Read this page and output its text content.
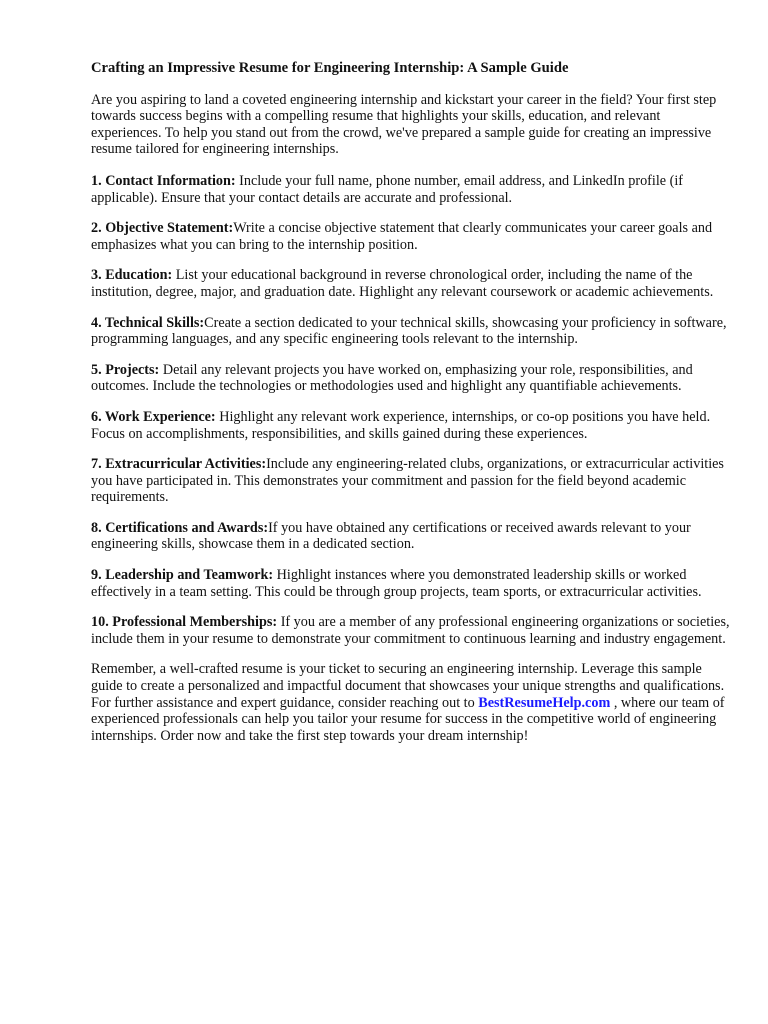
Crafting an Impressive Resume for Engineering Internship: A Sample Guide
Are you aspiring to land a coveted engineering internship and kickstart your career in the field? Your first step towards success begins with a compelling resume that highlights your skills, education, and relevant experiences. To help you stand out from the crowd, we've prepared a sample guide for creating an impressive resume tailored for engineering internships.
1. Contact Information: Include your full name, phone number, email address, and LinkedIn profile (if applicable). Ensure that your contact details are accurate and professional.
2. Objective Statement:Write a concise objective statement that clearly communicates your career goals and emphasizes what you can bring to the internship position.
3. Education: List your educational background in reverse chronological order, including the name of the institution, degree, major, and graduation date. Highlight any relevant coursework or academic achievements.
4. Technical Skills:Create a section dedicated to your technical skills, showcasing your proficiency in software, programming languages, and any specific engineering tools relevant to the internship.
5. Projects: Detail any relevant projects you have worked on, emphasizing your role, responsibilities, and outcomes. Include the technologies or methodologies used and highlight any quantifiable achievements.
6. Work Experience: Highlight any relevant work experience, internships, or co-op positions you have held. Focus on accomplishments, responsibilities, and skills gained during these experiences.
7. Extracurricular Activities:Include any engineering-related clubs, organizations, or extracurricular activities you have participated in. This demonstrates your commitment and passion for the field beyond academic requirements.
8. Certifications and Awards:If you have obtained any certifications or received awards relevant to your engineering skills, showcase them in a dedicated section.
9. Leadership and Teamwork: Highlight instances where you demonstrated leadership skills or worked effectively in a team setting. This could be through group projects, team sports, or extracurricular activities.
10. Professional Memberships: If you are a member of any professional engineering organizations or societies, include them in your resume to demonstrate your commitment to continuous learning and industry engagement.
Remember, a well-crafted resume is your ticket to securing an engineering internship. Leverage this sample guide to create a personalized and impactful document that showcases your unique strengths and qualifications. For further assistance and expert guidance, consider reaching out to BestResumeHelp.com , where our team of experienced professionals can help you tailor your resume for success in the competitive world of engineering internships. Order now and take the first step towards your dream internship!
